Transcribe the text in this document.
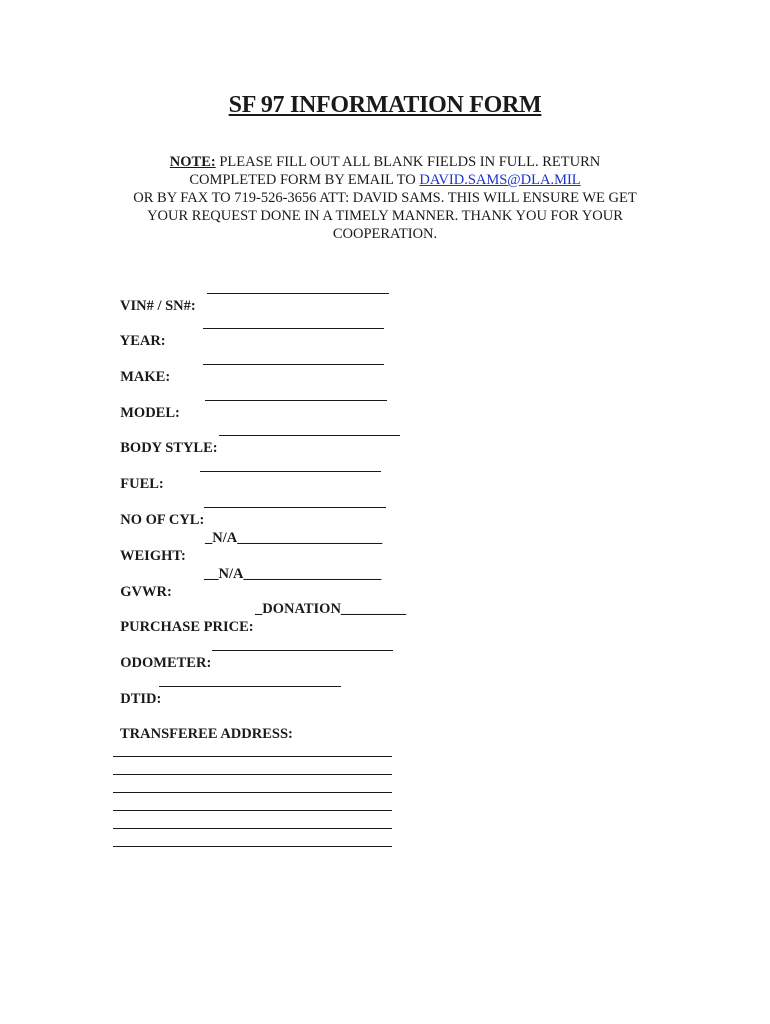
SF 97 INFORMATION FORM
NOTE: PLEASE FILL OUT ALL BLANK FIELDS IN FULL. RETURN
COMPLETED FORM BY EMAIL TO DAVID.SAMS@DLA.MIL
OR BY FAX TO 719-526-3656 ATT: DAVID SAMS. THIS WILL ENSURE WE GET
YOUR REQUEST DONE IN A TIMELY MANNER. THANK YOU FOR YOUR
COOPERATION.

VIN# / SN#:

YEAR:

MAKE:

MODEL:

BODY STYLE:

FUEL:

NO OF CYL:

WEIGHT:

_N/A____________________

GVWR:

__N/A___________________

PURCHASE PRICE:

_DONATION_________

ODOMETER:

DTID:

TRANSFEREE ADDRESS:
